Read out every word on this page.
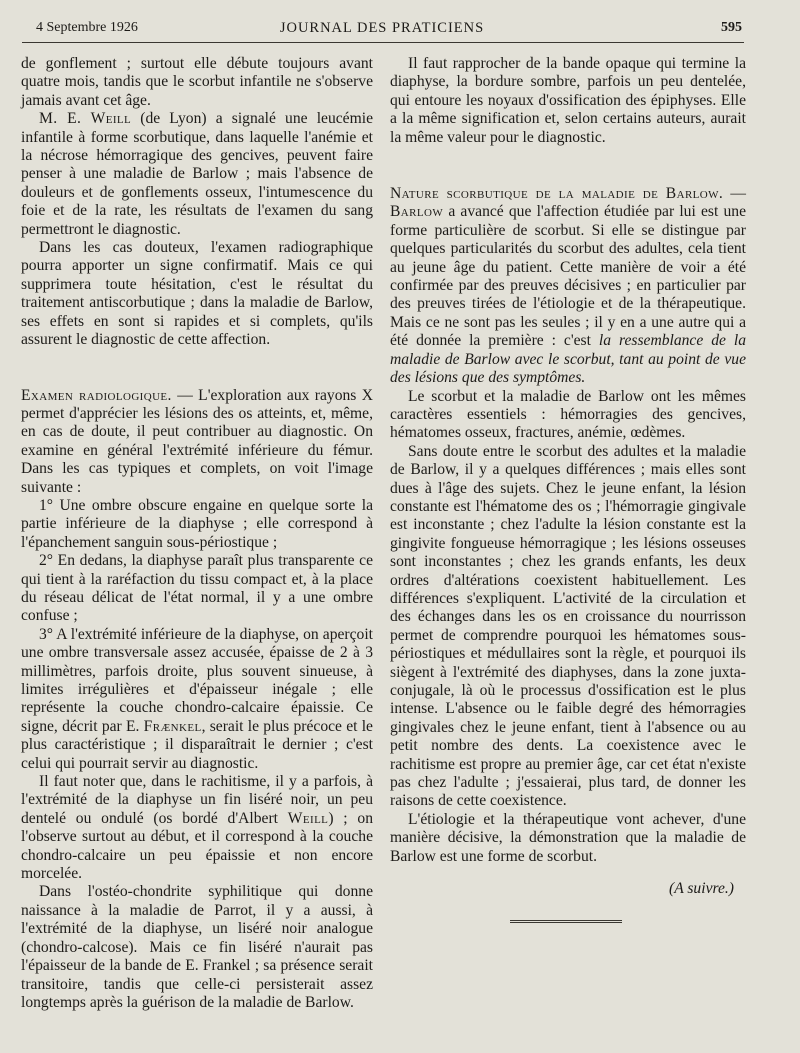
4 Septembre 1926	JOURNAL DES PRATICIENS	595

de gonflement ; surtout elle débute toujours avant quatre mois, tandis que le scorbut infantile ne s'observe jamais avant cet âge.

M. E. Weill (de Lyon) a signalé une leucémie infantile à forme scorbutique, dans laquelle l'anémie et la nécrose hémorragique des gencives, peuvent faire penser à une maladie de Barlow ; mais l'absence de douleurs et de gonflements osseux, l'intumescence du foie et de la rate, les résultats de l'examen du sang permettront le diagnostic.

Dans les cas douteux, l'examen radiographique pourra apporter un signe confirmatif. Mais ce qui supprimera toute hésitation, c'est le résultat du traitement antiscorbutique ; dans la maladie de Barlow, ses effets en sont si rapides et si complets, qu'ils assurent le diagnostic de cette affection.

Examen radiologique. — L'exploration aux rayons X permet d'apprécier les lésions des os atteints, et, même, en cas de doute, il peut contribuer au diagnostic. On examine en général l'extrémité inférieure du fémur. Dans les cas typiques et complets, on voit l'image suivante :

1° Une ombre obscure engaine en quelque sorte la partie inférieure de la diaphyse ; elle correspond à l'épanchement sanguin sous-périostique ;

2° En dedans, la diaphyse paraît plus transparente ce qui tient à la raréfaction du tissu compact et, à la place du réseau délicat de l'état normal, il y a une ombre confuse ;

3° A l'extrémité inférieure de la diaphyse, on aperçoit une ombre transversale assez accusée, épaisse de 2 à 3 millimètres, parfois droite, plus souvent sinueuse, à limites irrégulières et d'épaisseur inégale ; elle représente la couche chondro-calcaire épaissie. Ce signe, décrit par E. Frænkel, serait le plus précoce et le plus caractéristique ; il disparaîtrait le dernier ; c'est celui qui pourrait servir au diagnostic.

Il faut noter que, dans le rachitisme, il y a parfois, à l'extrémité de la diaphyse un fin liséré noir, un peu dentelé ou ondulé (os bordé d'Albert Weill) ; on l'observe surtout au début, et il correspond à la couche chondro-calcaire un peu épaissie et non encore morcelée.

Dans l'ostéo-chondrite syphilitique qui donne naissance à la maladie de Parrot, il y a aussi, à l'extrémité de la diaphyse, un liséré noir analogue (chondro-calcose). Mais ce fin liséré n'aurait pas l'épaisseur de la bande de E. Frankel ; sa présence serait transitoire, tandis que celle-ci persisterait assez longtemps après la guérison de la maladie de Barlow.

Il faut rapprocher de la bande opaque qui termine la diaphyse, la bordure sombre, parfois un peu dentelée, qui entoure les noyaux d'ossification des épiphyses. Elle a la même signification et, selon certains auteurs, aurait la même valeur pour le diagnostic.

Nature scorbutique de la maladie de Barlow. — Barlow a avancé que l'affection étudiée par lui est une forme particulière de scorbut. Si elle se distingue par quelques particularités du scorbut des adultes, cela tient au jeune âge du patient. Cette manière de voir a été confirmée par des preuves décisives ; en particulier par des preuves tirées de l'étiologie et de la thérapeutique. Mais ce ne sont pas les seules ; il y en a une autre qui a été donnée la première : c'est la ressemblance de la maladie de Barlow avec le scorbut, tant au point de vue des lésions que des symptômes.

Le scorbut et la maladie de Barlow ont les mêmes caractères essentiels : hémorragies des gencives, hématomes osseux, fractures, anémie, œdèmes.

Sans doute entre le scorbut des adultes et la maladie de Barlow, il y a quelques différences ; mais elles sont dues à l'âge des sujets. Chez le jeune enfant, la lésion constante est l'hématome des os ; l'hémorragie gingivale est inconstante ; chez l'adulte la lésion constante est la gingivite fongueuse hémorragique ; les lésions osseuses sont inconstantes ; chez les grands enfants, les deux ordres d'altérations coexistent habituellement. Les différences s'expliquent. L'activité de la circulation et des échanges dans les os en croissance du nourrisson permet de comprendre pourquoi les hématomes sous-périostiques et médullaires sont la règle, et pourquoi ils siègent à l'extrémité des diaphyses, dans la zone juxta-conjugale, là où le processus d'ossification est le plus intense. L'absence ou le faible degré des hémorragies gingivales chez le jeune enfant, tient à l'absence ou au petit nombre des dents. La coexistence avec le rachitisme est propre au premier âge, car cet état n'existe pas chez l'adulte ; j'essaierai, plus tard, de donner les raisons de cette coexistence.

L'étiologie et la thérapeutique vont achever, d'une manière décisive, la démonstration que la maladie de Barlow est une forme de scorbut.

(A suivre.)
